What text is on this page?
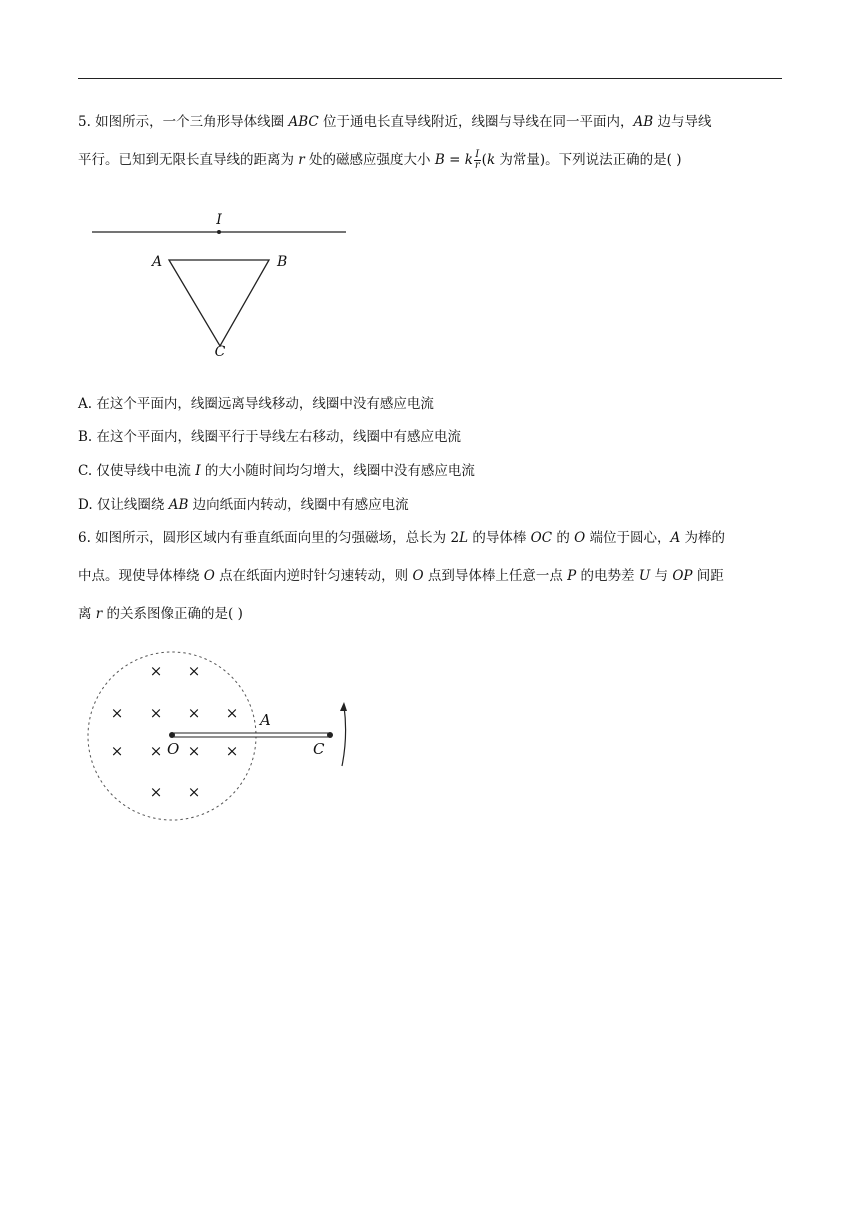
5. 如图所示，一个三角形导体线圈 ABC 位于通电长直导线附近，线圈与导线在同一平面内，AB 边与导线
平行。已知到无限长直导线的距离为 r 处的磁感应强度大小 B = k $\frac{I}{r} (k$ 为常量)。下列说法正确的是( )
I
A	B
C
A. 在这个平面内，线圈远离导线移动，线圈中没有感应电流
B. 在这个平面内，线圈平行于导线左右移动，线圈中有感应电流
C. 仅使导线中电流 I 的大小随时间均匀增大，线圈中没有感应电流
D. 仅让线圈绕 AB 边向纸面内转动，线圈中有感应电流
6. 如图所示，圆形区域内有垂直纸面向里的匀强磁场，总长为 2L 的导体棒 OC 的 O 端位于圆心，A 为棒的
中点。现使导体棒绕 O 点在纸面内逆时针匀速转动，则 O 点到导体棒上任意一点 P 的电势差 U 与 OP 间距
离 r 的关系图像正确的是( )
× ×
× × × ×
× × × ×
× ×
O
A
C
